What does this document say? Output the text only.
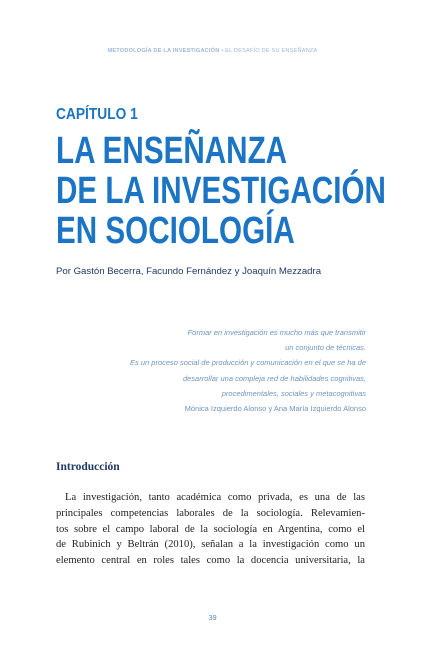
METODOLOGÍA DE LA INVESTIGACIÓN • EL DESAFÍO DE SU ENSEÑANZA
CAPÍTULO 1
LA ENSEÑANZA
DE LA INVESTIGACIÓN
EN SOCIOLOGÍA

Por Gastón Becerra, Facundo Fernández y Joaquín Mezzadra

Formar en investigación es mucho más que transmitir

un conjunto de técnicas.

Es un proceso social de producción y comunicación en el que se ha de

desarrollar una compleja red de habilidades cognitivas,

procedimentales, sociales y metacognitivas

Mónica Izquierdo Alonso y Ana María Izquierdo Alonso

Introducción

La investigación, tanto académica como privada, es una de las
principales competencias laborales de la sociología. Relevamien-
tos sobre el campo laboral de la sociología en Argentina, como el
de Rubinich y Beltrán (2010), señalan a la investigación como un
elemento central en roles tales como la docencia universitaria, la

39
